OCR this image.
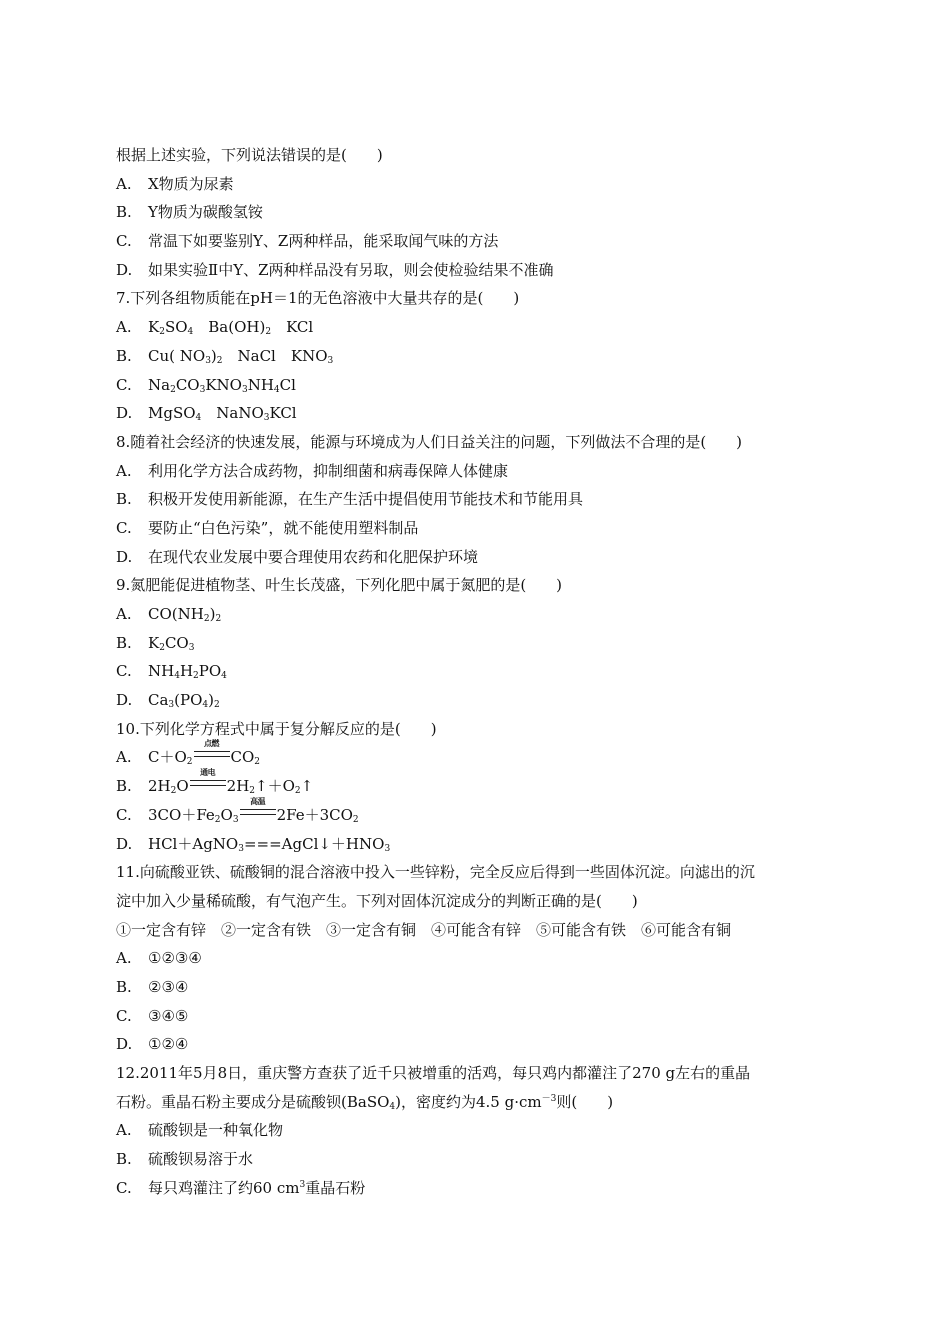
根据上述实验，下列说法错误的是(　　)
A. X物质为尿素
B. Y物质为碳酸氢铵
C. 常温下如要鉴别Y、Z两种样品，能采取闻气味的方法
D. 如果实验Ⅱ中Y、Z两种样品没有另取，则会使检验结果不准确
7.下列各组物质能在pH＝1的无色溶液中大量共存的是(　　)
A. $K_2SO_4$　$Ba(OH)_2$　KCl
B. Cu( $NO_3)_2$　NaCl　$KNO_3$
C. $Na_2CO_3KNO_3NH_4Cl$
D. MgSO$_4$　NaNO$_3$KCl
8.随着社会经济的快速发展，能源与环境成为人们日益关注的问题，下列做法不合理的是(　　)
A. 利用化学方法合成药物，抑制细菌和病毒保障人体健康
B. 积极开发使用新能源，在生产生活中提倡使用节能技术和节能用具
C. 要防止“白色污染”，就不能使用塑料制品
D. 在现代农业发展中要合理使用农药和化肥保护环境
9.氮肥能促进植物茎、叶生长茂盛，下列化肥中属于氮肥的是(　　)
A. $CO(NH_2)_2$
B. $K_2CO_3$
C. $NH_4H_2PO_4$
D. $Ca_3(PO_4)_2$
10.下列化学方程式中属于复分解反应的是(　　)
A. $C+O_2$
点燃
$CO_2$
B. $2H_2O$
通电
$2H_2↑+O_2↑$
C. $3CO+Fe_2O_3$
高温
$2Fe+3CO_2$
D. $HCl+AgNO_3===AgCl↓+HNO_3$
11.向硫酸亚铁、硫酸铜的混合溶液中投入一些锌粉，完全反应后得到一些固体沉淀。向滤出的沉
淀中加入少量稀硫酸，有气泡产生。下列对固体沉淀成分的判断正确的是(　　)
①一定含有锌　②一定含有铁　③一定含有铜　④可能含有锌　⑤可能含有铁　⑥可能含有铜
A. ①②③④
B. ②③④
C. ③④⑤
D. ①②④
12.2011年5月8日，重庆警方查获了近千只被增重的活鸡，每只鸡内都灌注了270 g左右的重晶
石粉。重晶石粉主要成分是硫酸钡(BaSO$_4$)，密度约为4.5 $g\cdot cm^{-3}$则(　　)
A. 硫酸钡是一种氧化物
B. 硫酸钡易溶于水
C. 每只鸡灌注了约60 $cm^3$重晶石粉
